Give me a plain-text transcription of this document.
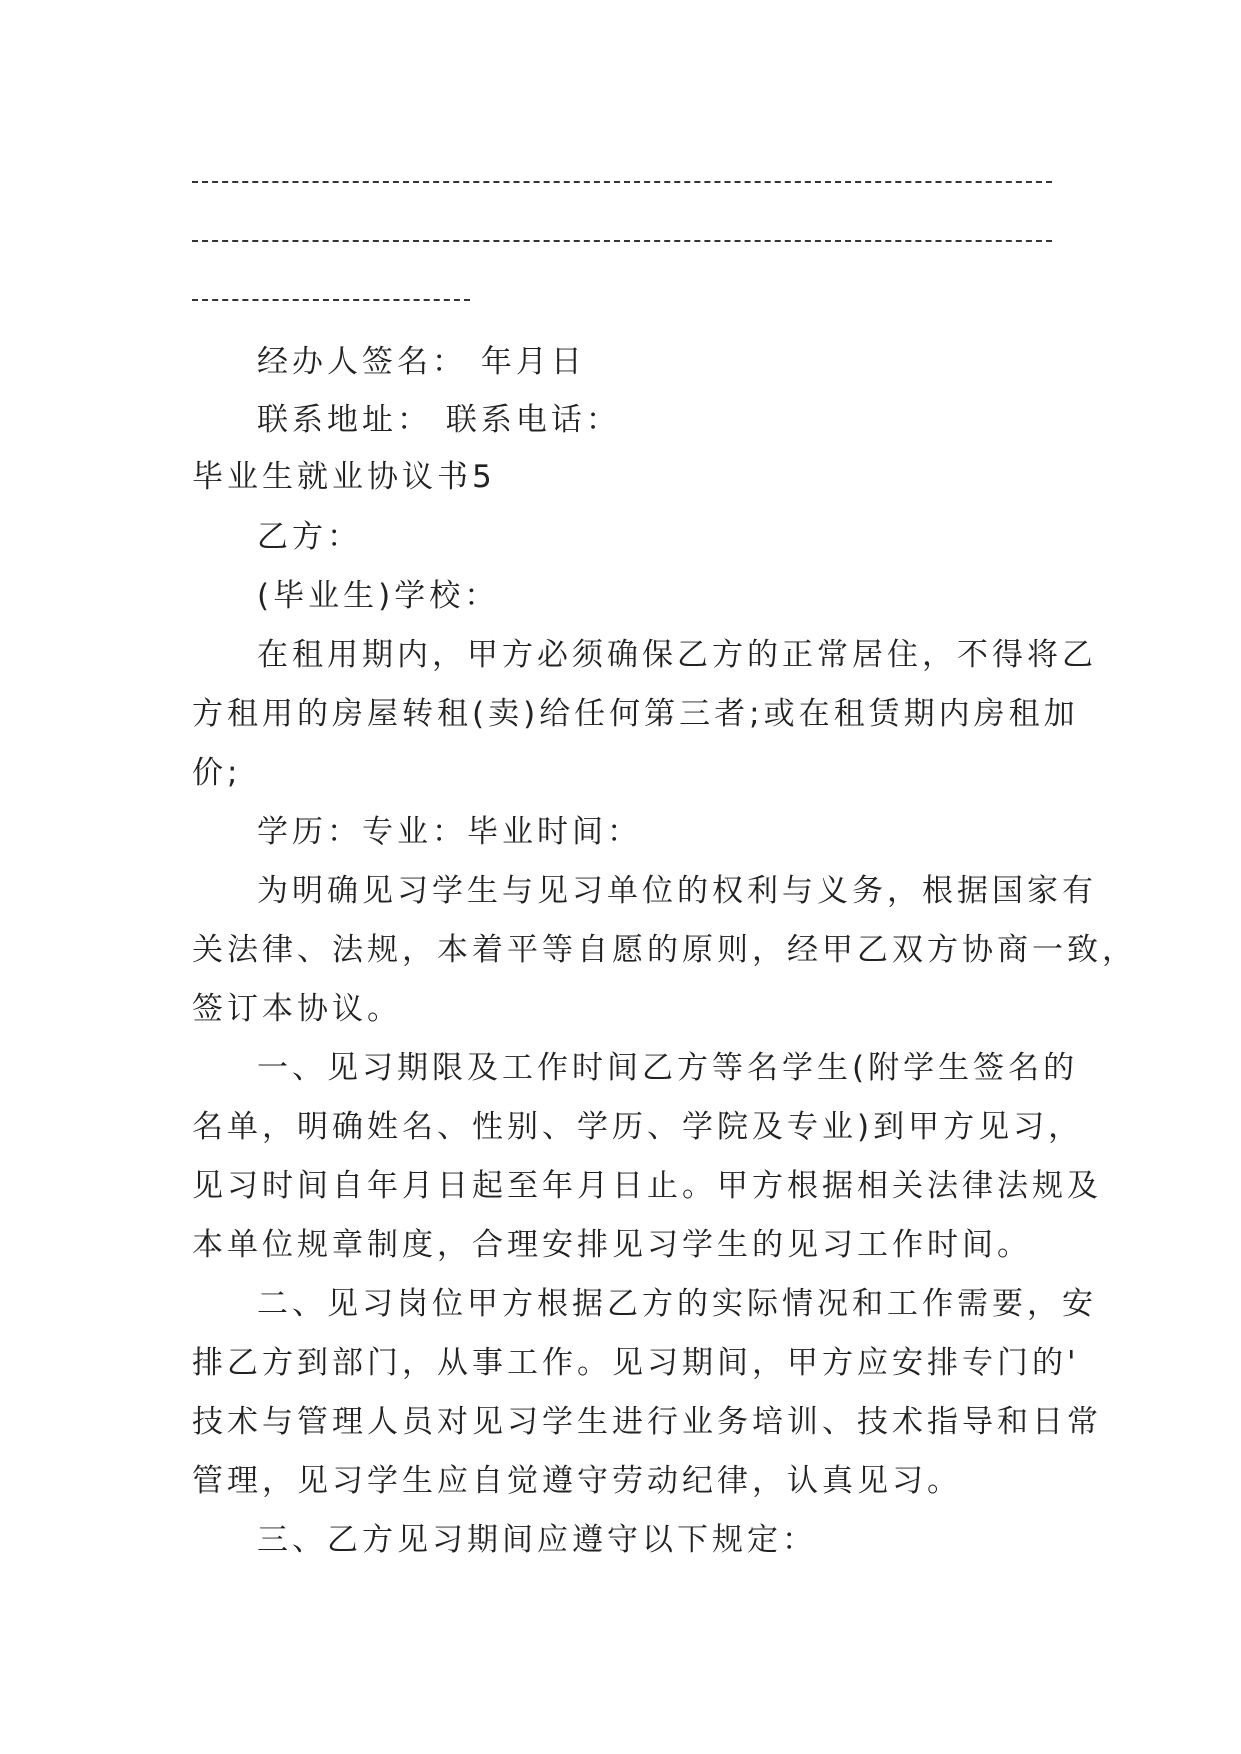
经办人签名： 年月日

联系地址： 联系电话：

毕业生就业协议书5

乙方：

(毕业生)学校：

在租用期内，甲方必须确保乙方的正常居住，不得将乙

方租用的房屋转租(卖)给任何第三者;或在租赁期内房租加

价;

学历：专业：毕业时间：

为明确见习学生与见习单位的权利与义务，根据国家有

关法律、法规，本着平等自愿的原则，经甲乙双方协商一致，

签订本协议。

一、见习期限及工作时间乙方等名学生(附学生签名的

名单，明确姓名、性别、学历、学院及专业)到甲方见习，

见习时间自年月日起至年月日止。甲方根据相关法律法规及

本单位规章制度，合理安排见习学生的见习工作时间。

二、见习岗位甲方根据乙方的实际情况和工作需要，安

排乙方到部门，从事工作。见习期间，甲方应安排专门的'

技术与管理人员对见习学生进行业务培训、技术指导和日常

管理，见习学生应自觉遵守劳动纪律，认真见习。

三、乙方见习期间应遵守以下规定：
